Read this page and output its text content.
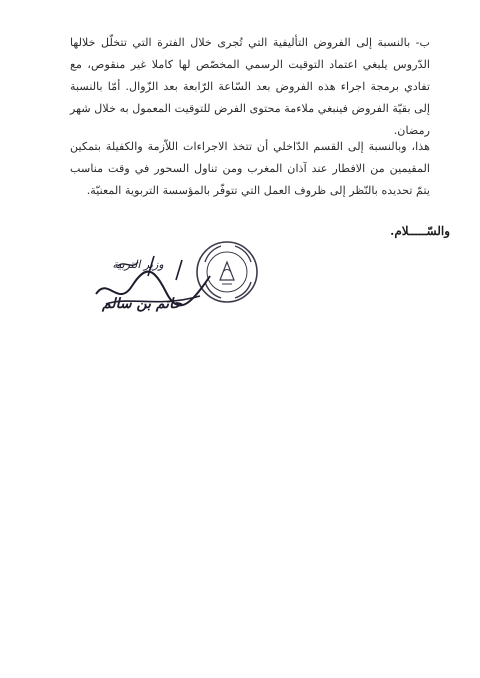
ب- بالنسبة إلى الفروض التأليفية التي تُجرى خلال الفترة التي تتخلّل خلالها الدّروس يلبغي اعتماد التوقيت الرسمي المخصّص لها كاملا غير منقوص، مع تفادي برمجة اجراء هذه الفروض بعد السّاعة الرّابعة بعد الزّوال. أمّا بالنسبة إلى بقيّة الفروض فينبغي ملاءمة محتوى الفرض للتوقيت المعمول به خلال شهر رمضان.
هذا، وبالنسبة إلى القسم الدّاخلي أن تتخذ الاجراءات اللاّزمة والكفيلة بتمكين المقيمين من الافطار عند آذان المغرب ومن تناول السحور في وقت مناسب يتمّ تحديده بالنّظر إلى ظروف العمل التي تتوفّر بالمؤسسة التربوية المعنيّة.
والسّـــــلام.
وزير التربية
حاتم بن سالم
